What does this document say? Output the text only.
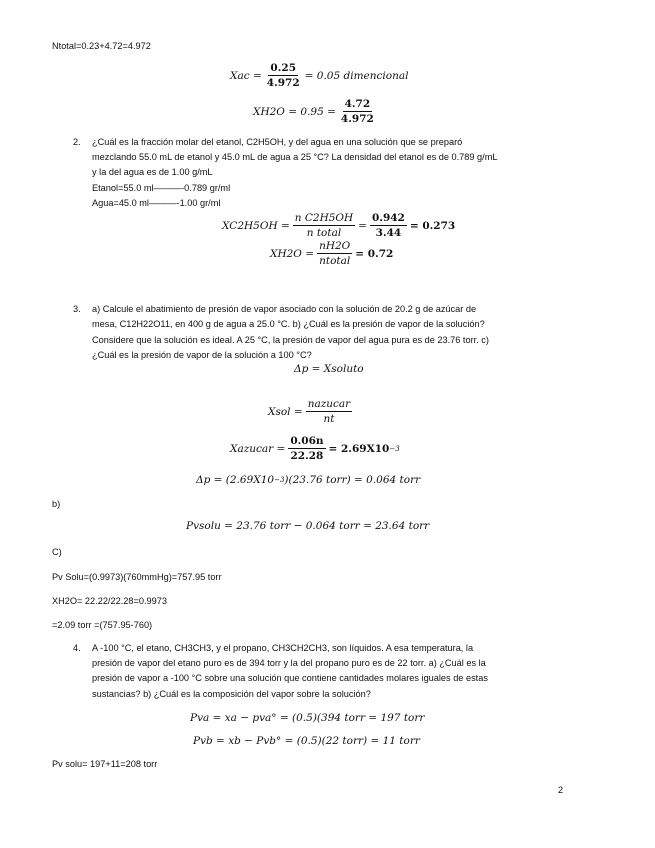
Ntotal=0.23+4.72=4.972
Xac = $\frac{0.25}{4.972} = 0.05$ dimencional
$XH2O = 0.95 = \frac{4.72}{4.972}$
2. ¿Cuál es la fracción molar del etanol, C2H5OH, y del agua en una solución que se preparó
mezclando 55.0 mL de etanol y 45.0 mL de agua a 25 °C? La densidad del etanol es de 0.789 g/mL
y la del agua es de 1.00 g/mL
Etanol=55.0 ml———-0.789 gr/ml
Agua=45.0 ml———-1.00 gr/ml
$XC2H5OH = \frac{\text{n C2H5OH}}{\text{n total}} = \frac{0.942}{3.44} = 0.273$
$XH2O = \frac{nH2O}{\text{ntotal}} = 0.72$
3. a) Calcule el abatimiento de presión de vapor asociado con la solución de 20.2 g de azúcar de
mesa, C12H22O11, en 400 g de agua a 25.0 °C. b) ¿Cuál es la presión de vapor de la solución?
Considere que la solución es ideal. A 25 °C, la presión de vapor del agua pura es de 23.76 torr. c)
¿Cuál es la presión de vapor de la solución a 100 °C?
Δp = Xsoluto
Xsol = $\frac{\text{nazucar}}{nt}$
Xazucar = $\frac{0.06n}{22.28} = 2.69X10 -3$
Δp = (2.69X10 −3 )(23.76 torr) = 0.064 torr
b)
Pvsolu = 23.76 torr − 0.064 torr = 23.64 torr
C)
Pv Solu=(0.9973)(760mmHg)=757.95 torr
XH2O= 22.22/22.28=0.9973
=2.09 torr =(757.95-760)
4. A -100 °C, el etano, CH3CH3, y el propano, CH3CH2CH3, son líquidos. A esa temperatura, la
presión de vapor del etano puro es de 394 torr y la del propano puro es de 22 torr. a) ¿Cuál es la
presión de vapor a -100 °C sobre una solución que contiene cantidades molares iguales de estas
sustancias? b) ¿Cuál es la composición del vapor sobre la solución?
Pva = xa − pva° = (0.5)(394 torr = 197 torr
Pvb = xb − Pvb° = (0.5)(22 torr) = 11 torr
Pv solu= 197+11=208 torr
2
